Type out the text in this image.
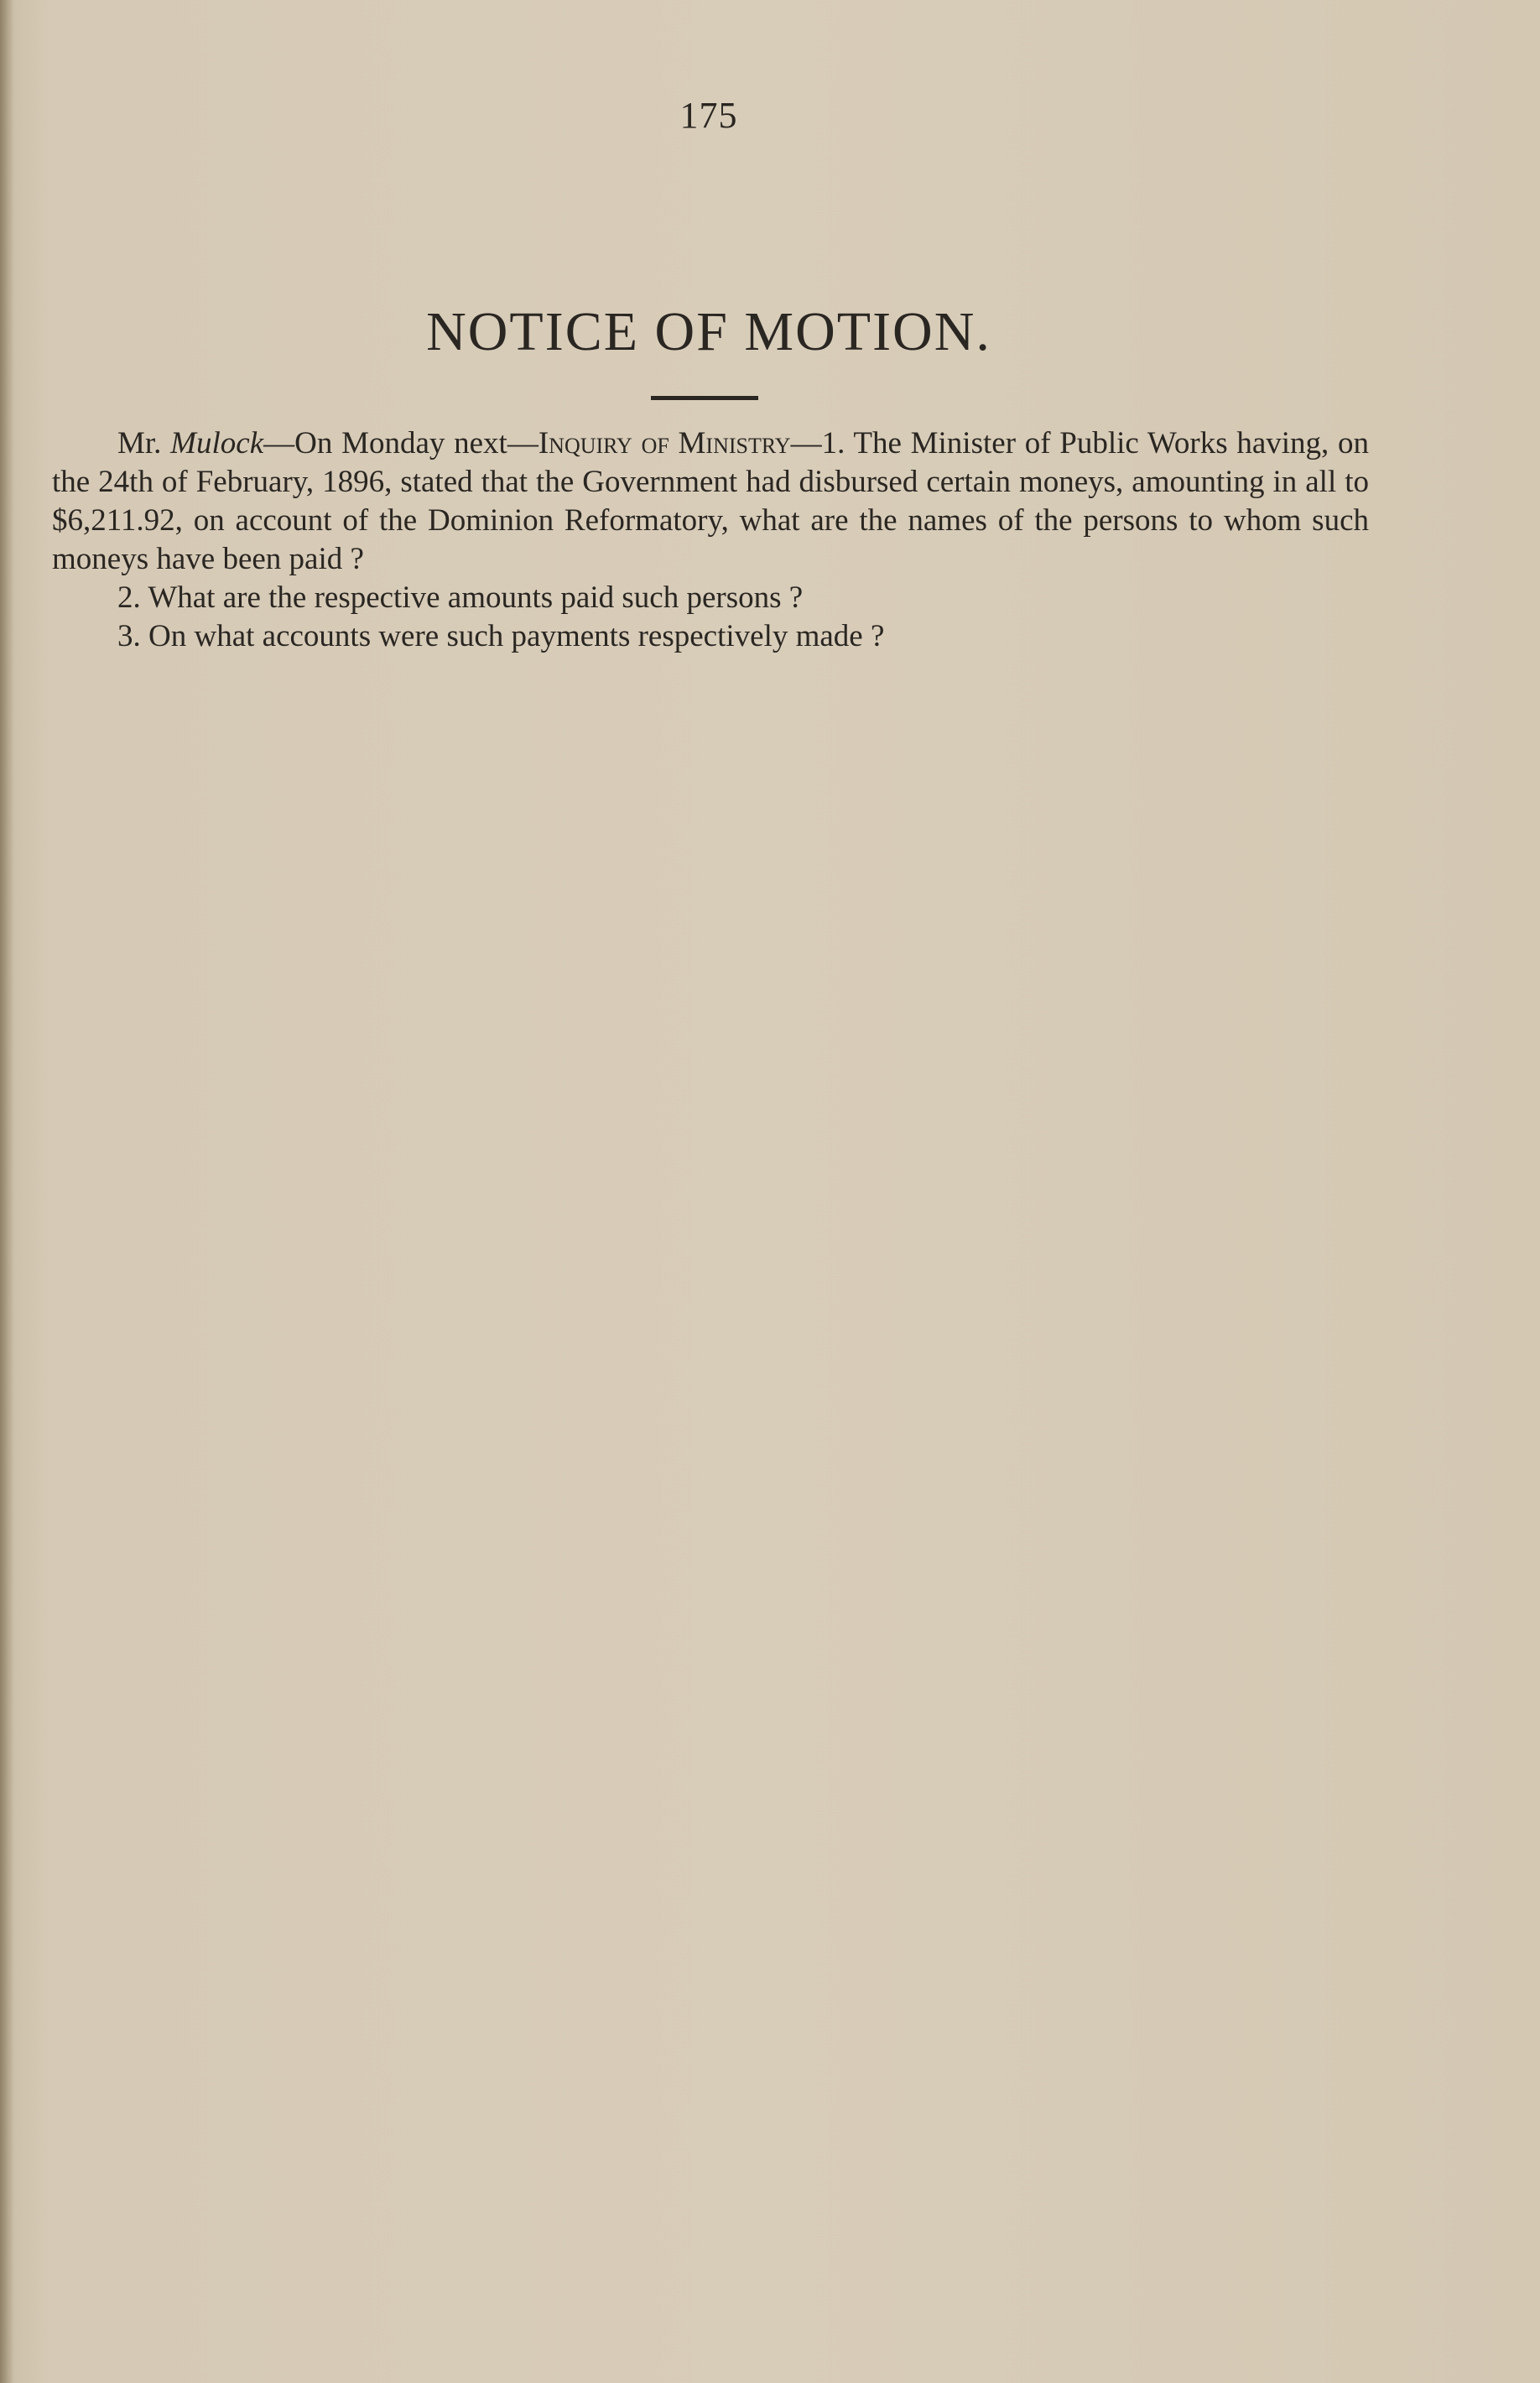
175
NOTICE OF MOTION.

Mr. Mulock—On Monday next—Inquiry of Ministry—1. The Minister of Public Works having, on the 24th of February, 1896, stated that the Government had disbursed certain moneys, amounting in all to $6,211.92, on account of the Dominion Reformatory, what are the names of the persons to whom such moneys have been paid ?

2. What are the respective amounts paid such persons ?

3. On what accounts were such payments respectively made ?
